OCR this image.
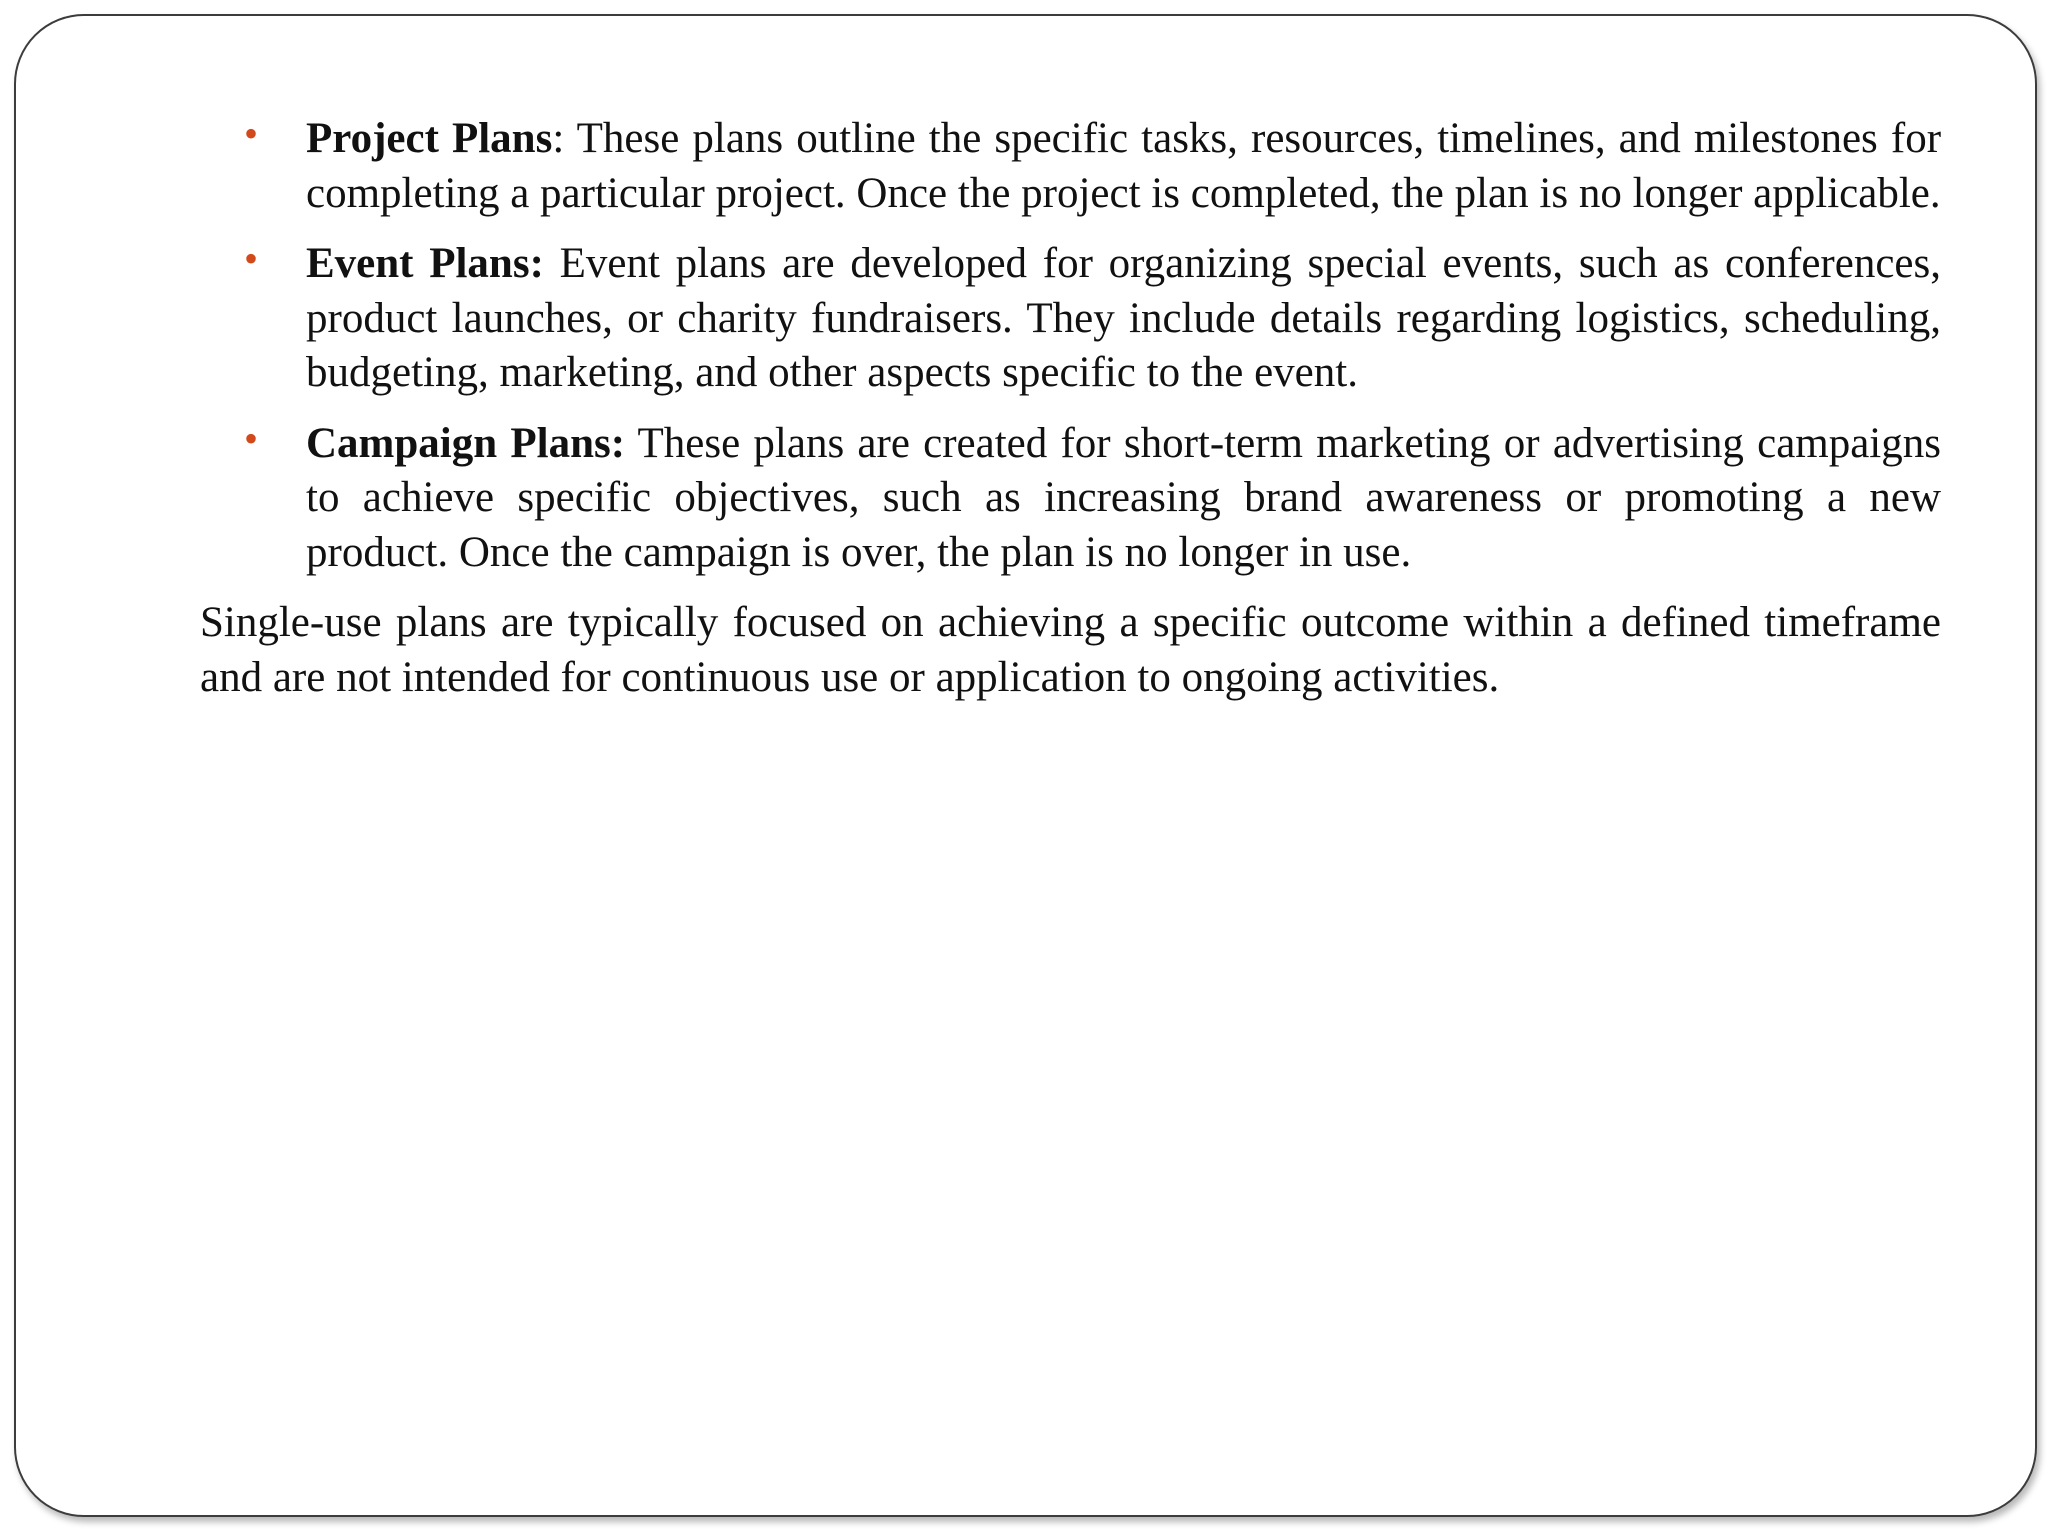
• Project Plans: These plans outline the specific tasks, resources, timelines, and milestones for completing a particular project. Once the project is completed, the plan is no longer applicable.
• Event Plans: Event plans are developed for organizing special events, such as conferences, product launches, or charity fundraisers. They include details regarding logistics, scheduling, budgeting, marketing, and other aspects specific to the event.
• Campaign Plans: These plans are created for short-term marketing or advertising campaigns to achieve specific objectives, such as increasing brand awareness or promoting a new product. Once the campaign is over, the plan is no longer in use.

Single-use plans are typically focused on achieving a specific outcome within a defined timeframe and are not intended for continuous use or application to ongoing activities.
